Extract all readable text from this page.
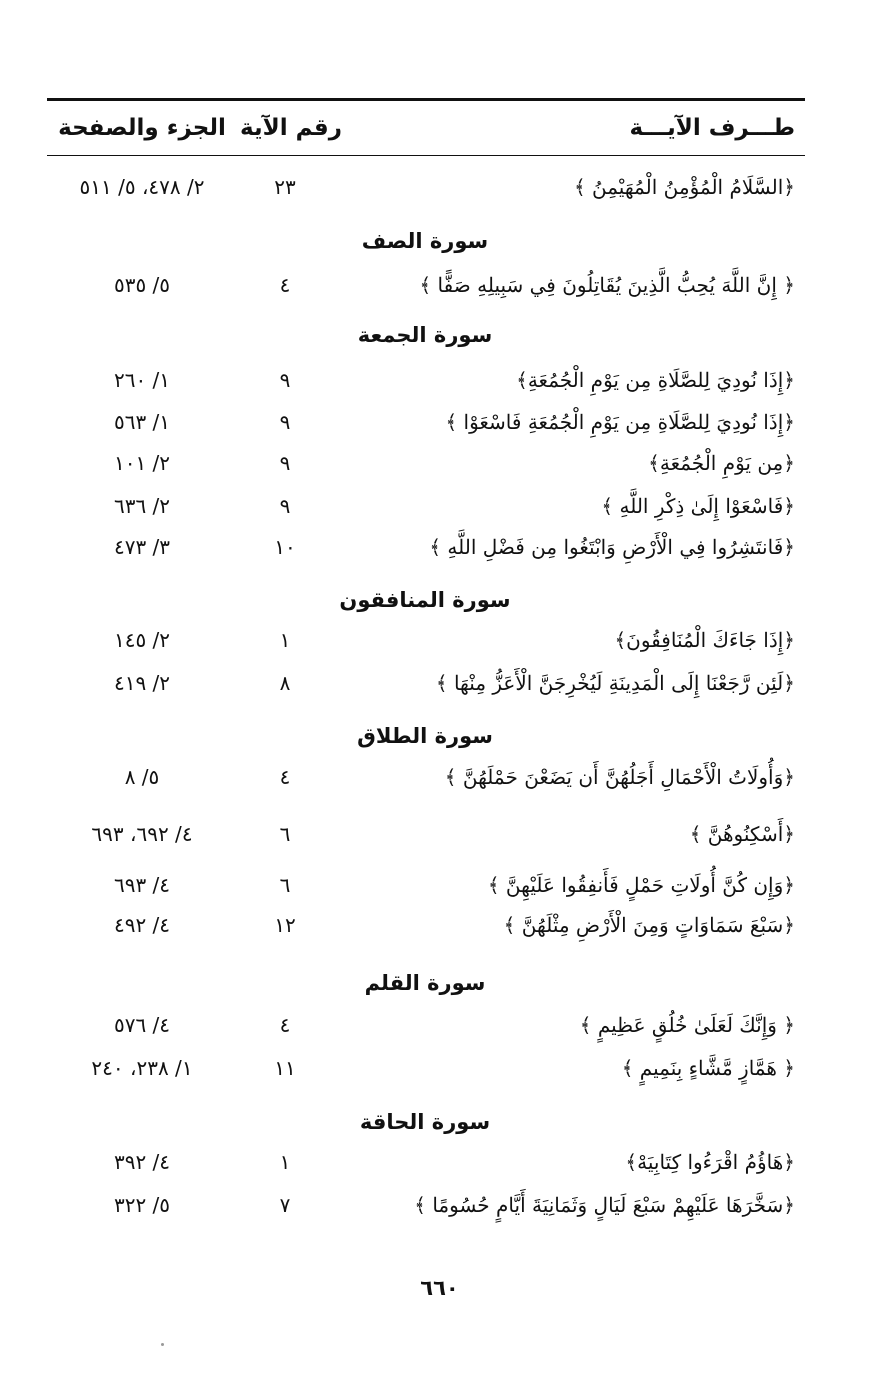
طـــرف الآيـــة
رقم الآية
الجزء والصفحة
﴿السَّلَامُ الْمُؤْمِنُ الْمُهَيْمِنُ ﴾
٢٣
٢/ ٤٧٨، ٥/ ٥١١
سورة الصف
﴿ إِنَّ اللَّهَ يُحِبُّ الَّذِينَ يُقَاتِلُونَ فِي سَبِيلِهِ صَفًّا ﴾
٤
٥/ ٥٣٥
سورة الجمعة
﴿إِذَا نُودِيَ لِلصَّلَاةِ مِن يَوْمِ الْجُمُعَةِ﴾
٩
١/ ٢٦٠
﴿إِذَا نُودِيَ لِلصَّلَاةِ مِن يَوْمِ الْجُمُعَةِ فَاسْعَوْا ﴾
٩
١/ ٥٦٣
﴿مِن يَوْمِ الْجُمُعَةِ﴾
٩
٢/ ١٠١
﴿فَاسْعَوْا إِلَىٰ ذِكْرِ اللَّهِ ﴾
٩
٢/ ٦٣٦
﴿فَانتَشِرُوا فِي الْأَرْضِ وَابْتَغُوا مِن فَضْلِ اللَّهِ ﴾
١٠
٣/ ٤٧٣
سورة المنافقون
﴿إِذَا جَاءَكَ الْمُنَافِقُونَ﴾
١
٢/ ١٤٥
﴿لَئِن رَّجَعْنَا إِلَى الْمَدِينَةِ لَيُخْرِجَنَّ الْأَعَزُّ مِنْهَا ﴾
٨
٢/ ٤١٩
سورة الطلاق
﴿وَأُولَاتُ الْأَحْمَالِ أَجَلُهُنَّ أَن يَضَعْنَ حَمْلَهُنَّ ﴾
٤
٥/ ٨
﴿أَسْكِنُوهُنَّ ﴾
٦
٤/ ٦٩٢، ٦٩٣
﴿وَإِن كُنَّ أُولَاتِ حَمْلٍ فَأَنفِقُوا عَلَيْهِنَّ ﴾
٦
٤/ ٦٩٣
﴿سَبْعَ سَمَاوَاتٍ وَمِنَ الْأَرْضِ مِثْلَهُنَّ ﴾
١٢
٤/ ٤٩٢
سورة القلم
﴿ وَإِنَّكَ لَعَلَىٰ خُلُقٍ عَظِيمٍ ﴾
٤
٤/ ٥٧٦
﴿ هَمَّازٍ مَّشَّاءٍ بِنَمِيمٍ ﴾
١١
١/ ٢٣٨، ٢٤٠
سورة الحاقة
﴿هَاؤُمُ اقْرَءُوا كِتَابِيَهْ﴾
١
٤/ ٣٩٢
﴿سَخَّرَهَا عَلَيْهِمْ سَبْعَ لَيَالٍ وَثَمَانِيَةَ أَيَّامٍ حُسُومًا ﴾
٧
٥/ ٣٢٢
٦٦٠
